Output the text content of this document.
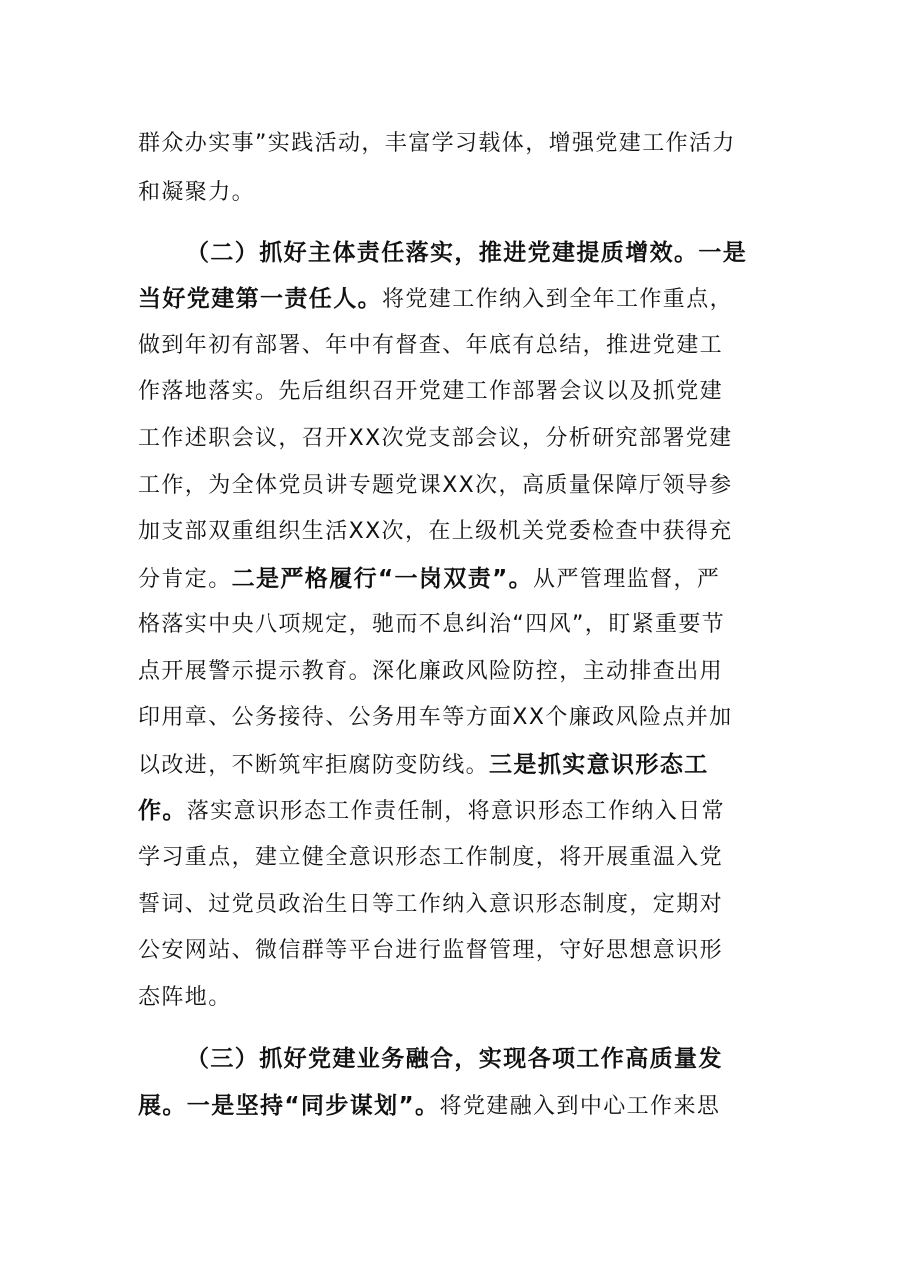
群众办实事”实践活动，丰富学习载体，增强党建工作活力
和凝聚力。
（二）抓好主体责任落实，推进党建提质增效。一是
当好党建第一责任人。将党建工作纳入到全年工作重点，
做到年初有部署、年中有督查、年底有总结，推进党建工
作落地落实。先后组织召开党建工作部署会议以及抓党建
工作述职会议，召开XX次党支部会议，分析研究部署党建
工作，为全体党员讲专题党课XX次，高质量保障厅领导参
加支部双重组织生活XX次，在上级机关党委检查中获得充
分肯定。二是严格履行“一岗双责”。从严管理监督，严
格落实中央八项规定，驰而不息纠治“四风”，盯紧重要节
点开展警示提示教育。深化廉政风险防控，主动排查出用
印用章、公务接待、公务用车等方面XX个廉政风险点并加
以改进，不断筑牢拒腐防变防线。三是抓实意识形态工
作。落实意识形态工作责任制，将意识形态工作纳入日常
学习重点，建立健全意识形态工作制度，将开展重温入党
誓词、过党员政治生日等工作纳入意识形态制度，定期对
公安网站、微信群等平台进行监督管理，守好思想意识形
态阵地。
（三）抓好党建业务融合，实现各项工作高质量发
展。一是坚持“同步谋划”。将党建融入到中心工作来思
